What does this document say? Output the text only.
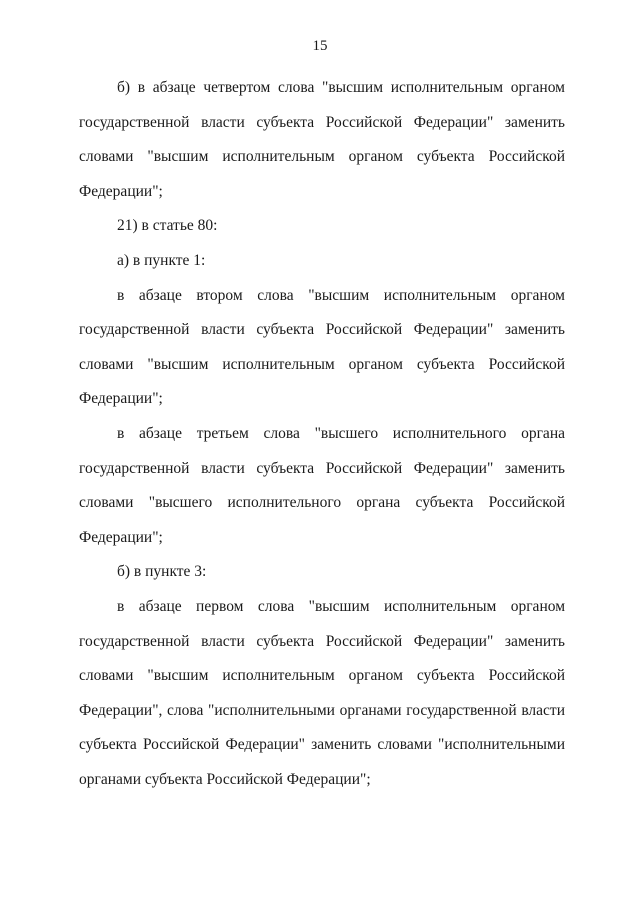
15

б) в абзаце четвертом слова "высшим исполнительным органом государственной власти субъекта Российской Федерации" заменить словами "высшим исполнительным органом субъекта Российской Федерации";

21) в статье 80:

а) в пункте 1:

в абзаце втором слова "высшим исполнительным органом государственной власти субъекта Российской Федерации" заменить словами "высшим исполнительным органом субъекта Российской Федерации";

в абзаце третьем слова "высшего исполнительного органа государственной власти субъекта Российской Федерации" заменить словами "высшего исполнительного органа субъекта Российской Федерации";

б) в пункте 3:

в абзаце первом слова "высшим исполнительным органом государственной власти субъекта Российской Федерации" заменить словами "высшим исполнительным органом субъекта Российской Федерации", слова "исполнительными органами государственной власти субъекта Российской Федерации" заменить словами "исполнительными органами субъекта Российской Федерации";
